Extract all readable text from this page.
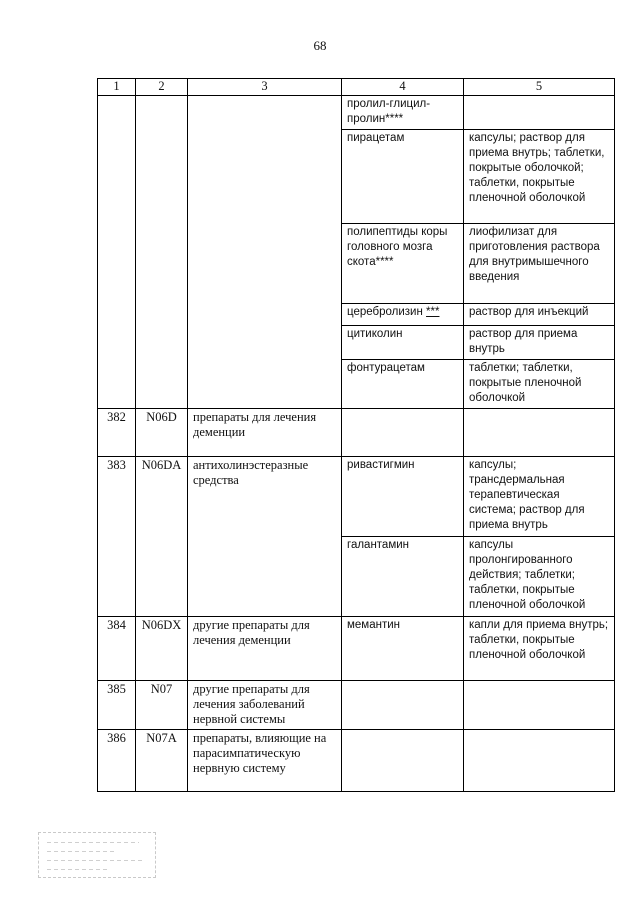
68
1	2	3	4	5
			пролил-глицил-пролин****	
			пирацетам	капсулы; раствор для приема внутрь; таблетки, покрытые оболочкой; таблетки, покрытые пленочной оболочкой
			полипептиды коры головного мозга скота****	лиофилизат для приготовления раствора для внутримышечного введения
			церебролизин ***	раствор для инъекций
			цитиколин	раствор для приема внутрь
			фонтурацетам	таблетки; таблетки, покрытые пленочной оболочкой
382	N06D	препараты для лечения деменции		
383	N06DA	антихолинэстеразные средства	ривастигмин	капсулы; трансдермальная терапевтическая система; раствор для приема внутрь
			галантамин	капсулы пролонгированного действия; таблетки; таблетки, покрытые пленочной оболочкой
384	N06DX	другие препараты для лечения деменции	мемантин	капли для приема внутрь; таблетки, покрытые пленочной оболочкой
385	N07	другие препараты для лечения заболеваний нервной системы		
386	N07A	препараты, влияющие на парасимпатическую нервную систему		
